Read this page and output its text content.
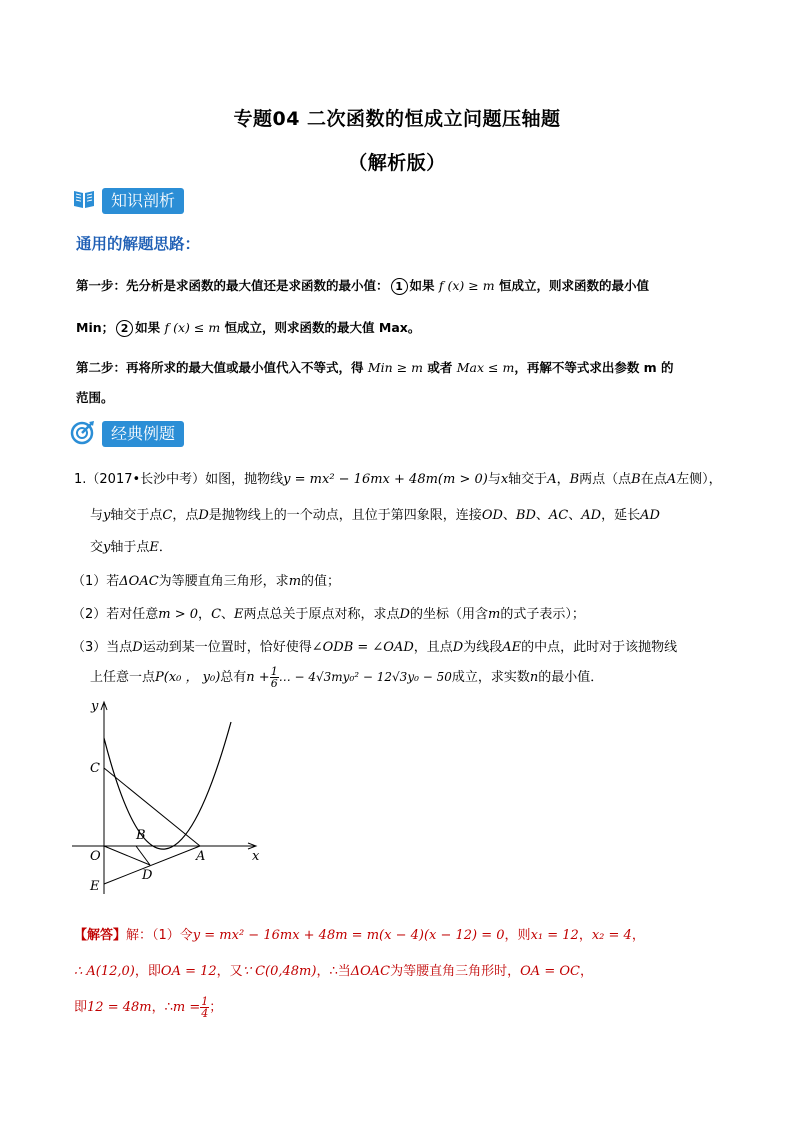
专题04 二次函数的恒成立问题压轴题
（解析版）
知识剖析
通用的解题思路：
第一步：先分析是求函数的最大值还是求函数的最小值： 1 如果 f (x) ≥ m 恒成立，则求函数的最小值
Min； 2 如果 f (x) ≤ m 恒成立，则求函数的最大值 Max。
第二步：再将所求的最大值或最小值代入不等式，得 Min ≥ m 或者 Max ≤ m，再解不等式求出参数 m 的
范围。
经典例题
1.（2017•长沙中考）如图，抛物线y = mx² − 16mx + 48m(m > 0)与x轴交于A，B两点（点B在点A左侧），
与y轴交于点C，点D是抛物线上的一个动点，且位于第四象限，连接OD、BD、AC、AD，延长AD
交y轴于点E．
（1）若ΔOAC为等腰直角三角形，求m的值；
（2）若对任意m > 0，C、E两点总关于原点对称，求点D的坐标（用含m的式子表示）；
（3）当点D运动到某一位置时，恰好使得∠ODB = ∠OAD，且点D为线段AE的中点，此时对于该抛物线
上任意一点P(x₀ ， y₀)总有$n + \frac{1}{6}$ … − 4√3my₀² − 12√3y₀ − 50成立，求实数n的最小值．
y
x
C
B
O	A
D
E
【解答】解：（1）令y = mx² − 16mx + 48m = m(x − 4)(x − 12) = 0，则x₁ = 12，x₂ = 4，
∴ A(12,0)，即OA = 12，又∵ C(0,48m)，∴当ΔOAC为等腰直角三角形时，OA = OC，
即12 = 48m，∴m = $\frac{1}{4}$ ；
